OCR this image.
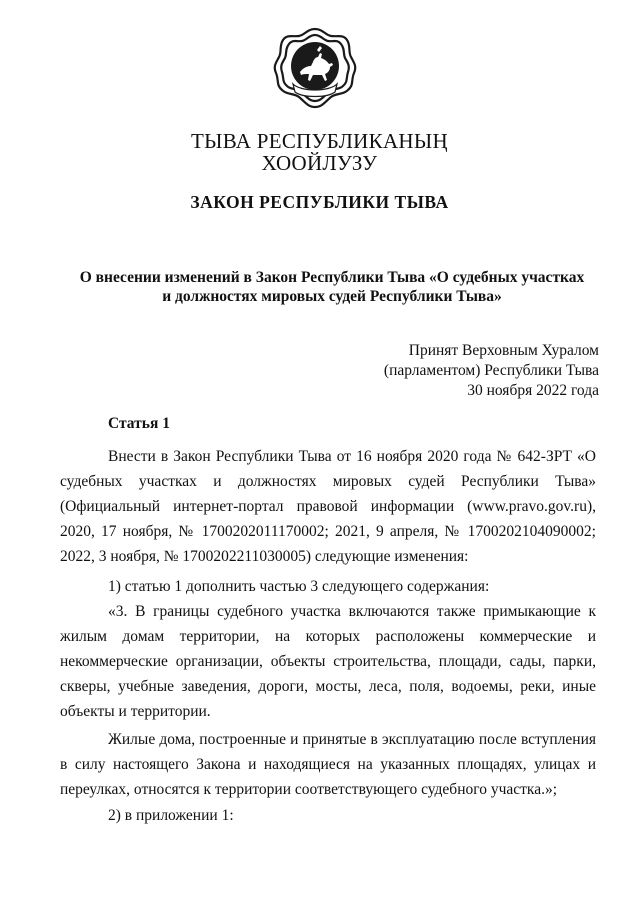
ТЫВА РЕСПУБЛИКАНЫҢ
ХООЙЛУЗУ
ЗАКОН РЕСПУБЛИКИ ТЫВА
О внесении изменений в Закон Республики Тыва «О судебных участках
и должностях мировых судей Республики Тыва»
Принят Верховным Хуралом
(парламентом) Республики Тыва
30 ноября 2022 года
Статья 1

Внести в Закон Республики Тыва от 16 ноября 2020 года № 642-ЗРТ «О судебных участках и должностях мировых судей Республики Тыва» (Официальный интернет-портал правовой информации (www.pravo.gov.ru), 2020, 17 ноября, № 1700202011170002; 2021, 9 апреля, № 1700202104090002; 2022, 3 ноября, № 1700202211030005) следующие изменения:

1) статью 1 дополнить частью 3 следующего содержания:

«3. В границы судебного участка включаются также примыкающие к жилым домам территории, на которых расположены коммерческие и некоммерческие организации, объекты строительства, площади, сады, парки, скверы, учебные заведения, дороги, мосты, леса, поля, водоемы, реки, иные объекты и территории.

Жилые дома, построенные и принятые в эксплуатацию после вступления в силу настоящего Закона и находящиеся на указанных площадях, улицах и переулках, относятся к территории соответствующего судебного участка.»;

2) в приложении 1:
